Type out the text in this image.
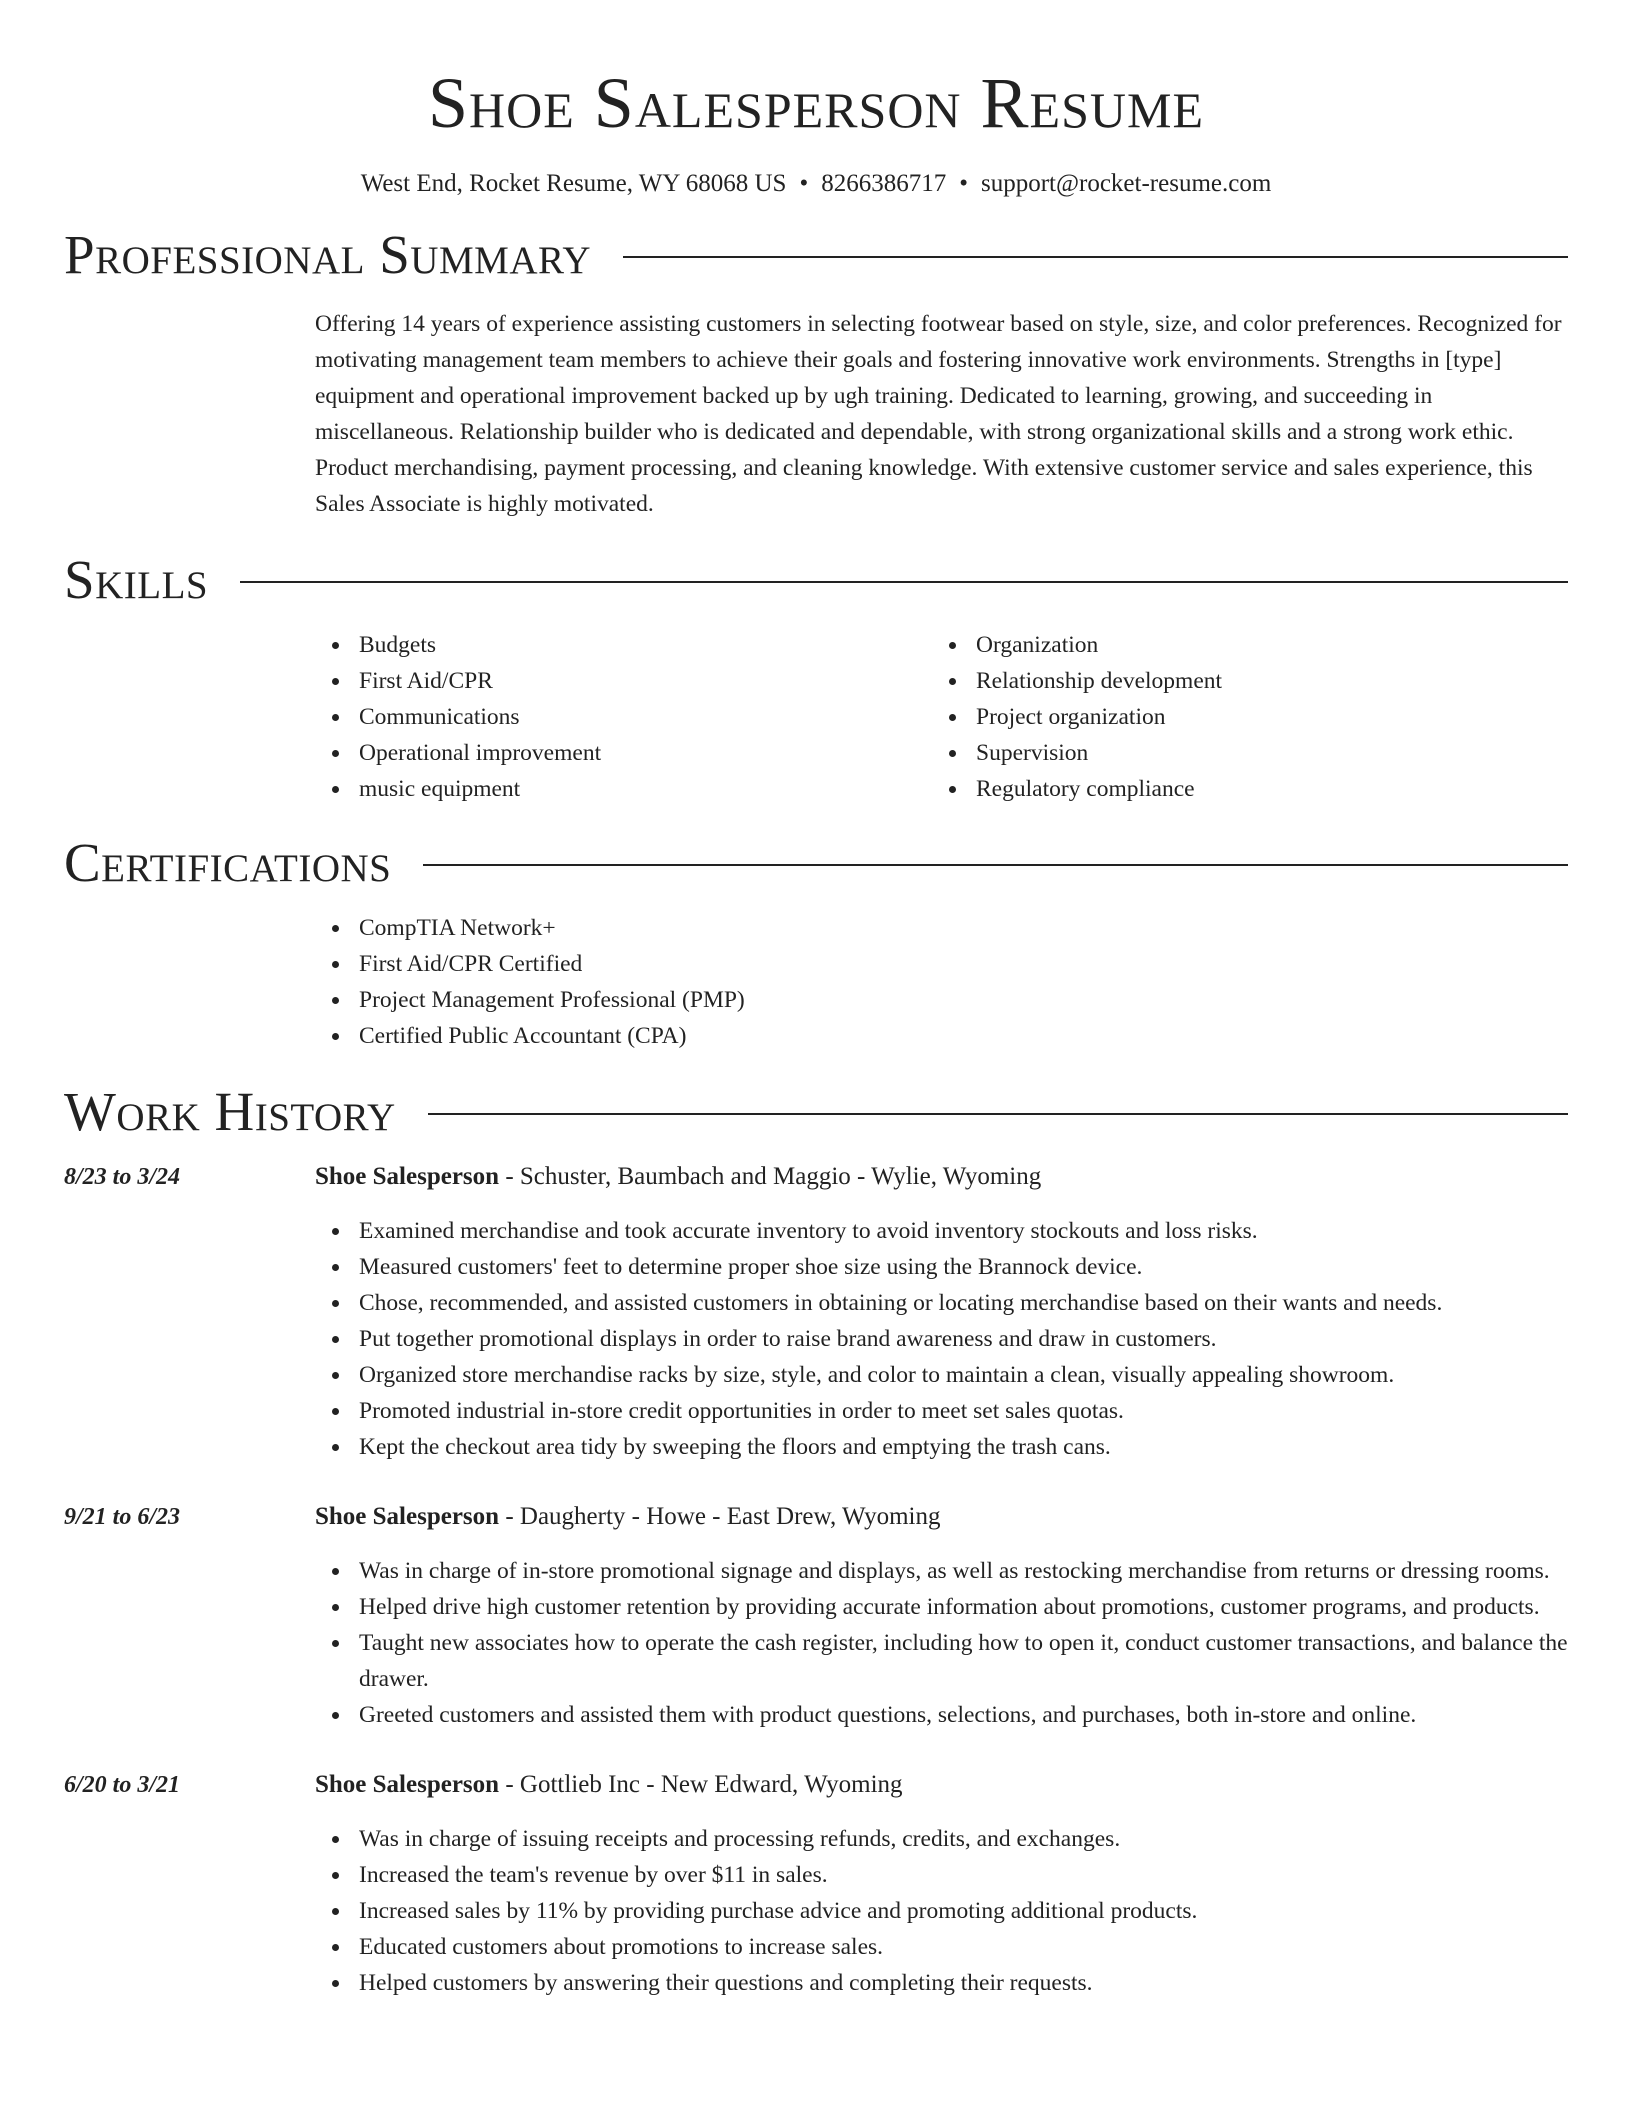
Shoe Salesperson Resume
West End, Rocket Resume, WY 68068 US • 8266386717 • support@rocket-resume.com
Professional Summary

Offering 14 years of experience assisting customers in selecting footwear based on style, size, and color preferences. Recognized for motivating management team members to achieve their goals and fostering innovative work environments. Strengths in [type] equipment and operational improvement backed up by ugh training. Dedicated to learning, growing, and succeeding in miscellaneous. Relationship builder who is dedicated and dependable, with strong organizational skills and a strong work ethic. Product merchandising, payment processing, and cleaning knowledge. With extensive customer service and sales experience, this Sales Associate is highly motivated.

Skills
Budgets
First Aid/CPR
Communications
Operational improvement
music equipment
Organization
Relationship development
Project organization
Supervision
Regulatory compliance
Certifications
CompTIA Network+
First Aid/CPR Certified
Project Management Professional (PMP)
Certified Public Accountant (CPA)
Work History
8/23 to 3/24	Shoe Salesperson - Schuster, Baumbach and Maggio - Wylie, Wyoming
Examined merchandise and took accurate inventory to avoid inventory stockouts and loss risks.
Measured customers' feet to determine proper shoe size using the Brannock device.
Chose, recommended, and assisted customers in obtaining or locating merchandise based on their wants and needs.
Put together promotional displays in order to raise brand awareness and draw in customers.
Organized store merchandise racks by size, style, and color to maintain a clean, visually appealing showroom.
Promoted industrial in-store credit opportunities in order to meet set sales quotas.
Kept the checkout area tidy by sweeping the floors and emptying the trash cans.
9/21 to 6/23	Shoe Salesperson - Daugherty - Howe - East Drew, Wyoming
Was in charge of in-store promotional signage and displays, as well as restocking merchandise from returns or dressing rooms.
Helped drive high customer retention by providing accurate information about promotions, customer programs, and products.
Taught new associates how to operate the cash register, including how to open it, conduct customer transactions, and balance the drawer.
Greeted customers and assisted them with product questions, selections, and purchases, both in-store and online.
6/20 to 3/21	Shoe Salesperson - Gottlieb Inc - New Edward, Wyoming
Was in charge of issuing receipts and processing refunds, credits, and exchanges.
Increased the team's revenue by over $11 in sales.
Increased sales by 11% by providing purchase advice and promoting additional products.
Educated customers about promotions to increase sales.
Helped customers by answering their questions and completing their requests.
